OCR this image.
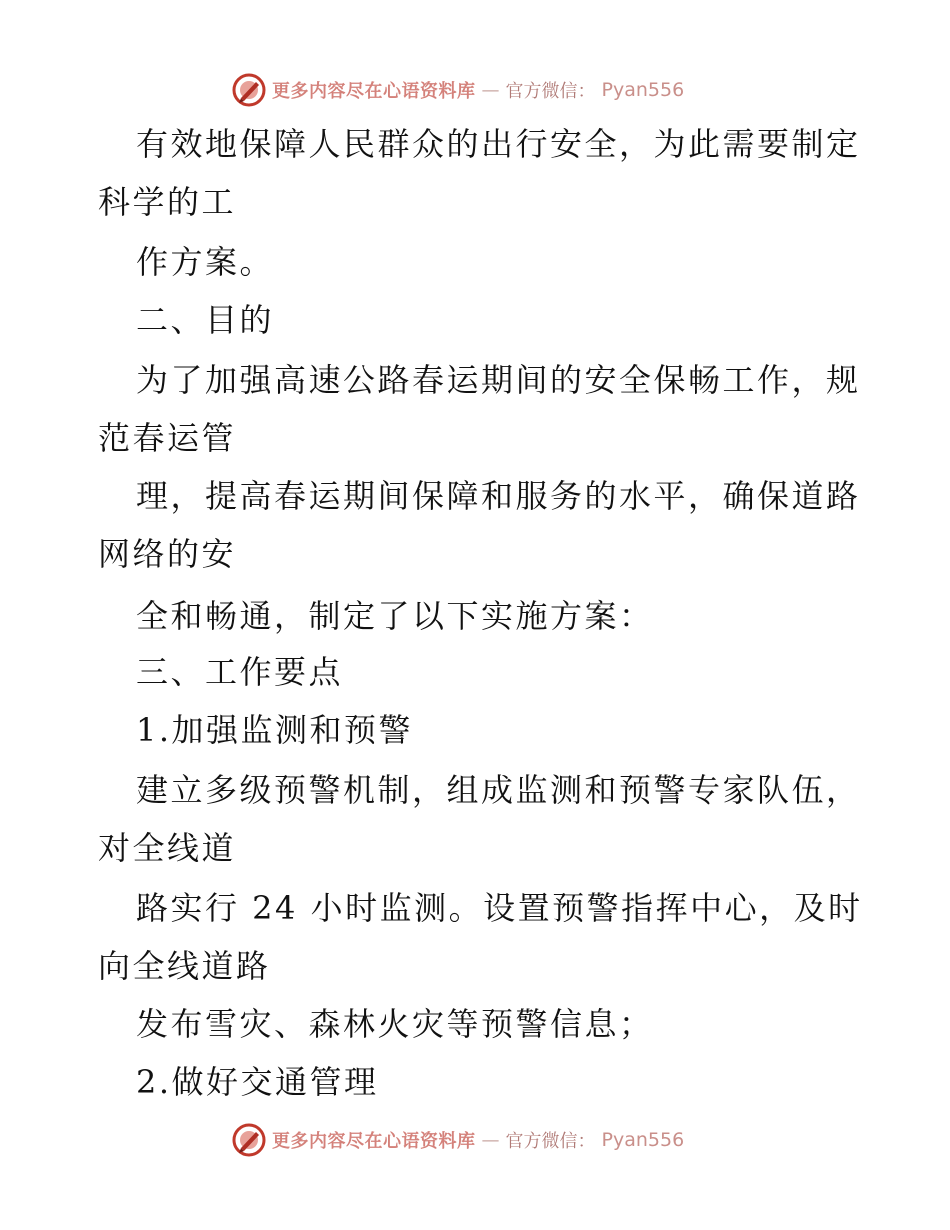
更多内容尽在心语资料库 — 官方微信： Pyan556
有效地保障人民群众的出行安全，为此需要制定
科学的工
作方案。
二、目的
为了加强高速公路春运期间的安全保畅工作，规
范春运管
理，提高春运期间保障和服务的水平，确保道路
网络的安
全和畅通，制定了以下实施方案：
三、工作要点
1.加强监测和预警
建立多级预警机制，组成监测和预警专家队伍，
对全线道
路实行 24 小时监测。设置预警指挥中心，及时
向全线道路
发布雪灾、森林火灾等预警信息；
2.做好交通管理
更多内容尽在心语资料库 — 官方微信： Pyan556
